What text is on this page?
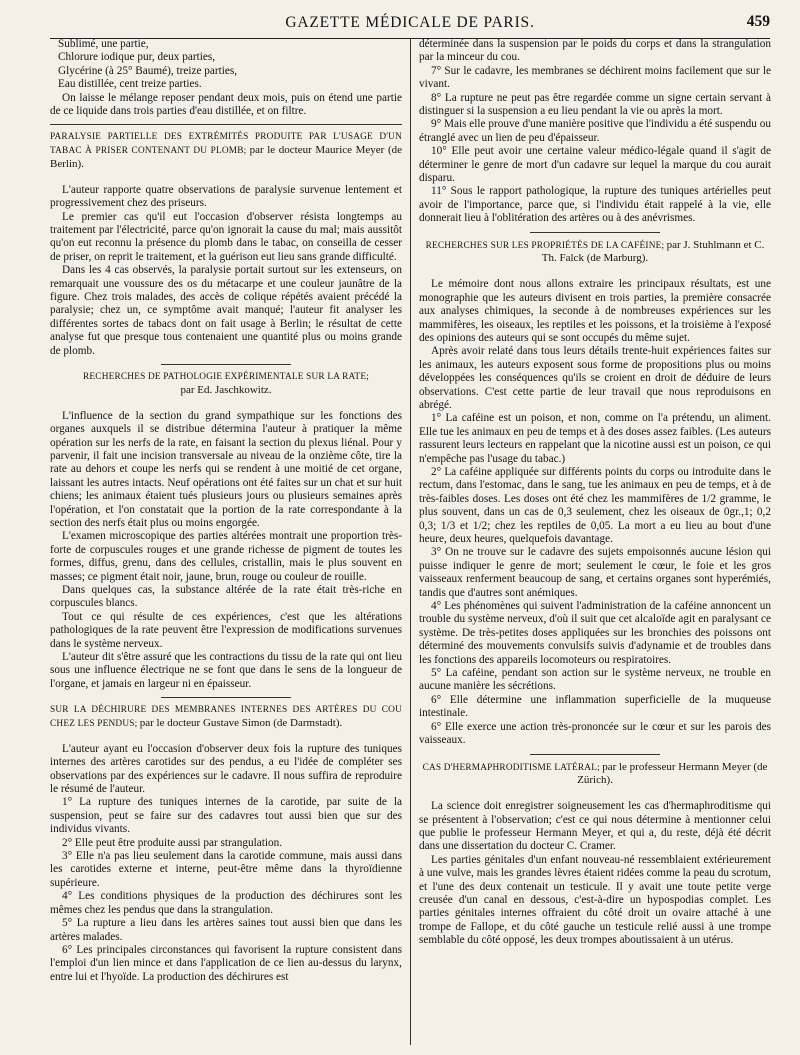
GAZETTE MÉDICALE DE PARIS.	459

Sublimé, une partie,

Chlorure iodique pur, deux parties,

Glycérine (à 25° Baumé), treize parties,

Eau distillée, cent treize parties.

On laisse le mélange reposer pendant deux mois, puis on étend une partie de ce liquide dans trois parties d'eau distillée, et on filtre.

PARALYSIE PARTIELLE DES EXTRÉMITÉS PRODUITE PAR L'USAGE D'UN TABAC À PRISER CONTENANT DU PLOMB; par le docteur Maurice Meyer (de Berlin).

L'auteur rapporte quatre observations de paralysie survenue lentement et progressivement chez des priseurs.

Le premier cas qu'il eut l'occasion d'observer résista longtemps au traitement par l'électricité, parce qu'on ignorait la cause du mal; mais aussitôt qu'on eut reconnu la présence du plomb dans le tabac, on conseilla de cesser de priser, on reprit le traitement, et la guérison eut lieu sans grande difficulté.

Dans les 4 cas observés, la paralysie portait surtout sur les extenseurs, on remarquait une voussure des os du métacarpe et une couleur jaunâtre de la figure. Chez trois malades, des accès de colique répétés avaient précédé la paralysie; chez un, ce symptôme avait manqué; l'auteur fit analyser les différentes sortes de tabacs dont on fait usage à Berlin; le résultat de cette analyse fut que presque tous contenaient une quantité plus ou moins grande de plomb.

RECHERCHES DE PATHOLOGIE EXPÉRIMENTALE SUR LA RATE;
par Ed. Jaschkowitz.

L'influence de la section du grand sympathique sur les fonctions des organes auxquels il se distribue détermina l'auteur à pratiquer la même opération sur les nerfs de la rate, en faisant la section du plexus liénal. Pour y parvenir, il fait une incision transversale au niveau de la onzième côte, tire la rate au dehors et coupe les nerfs qui se rendent à une moitié de cet organe, laissant les autres intacts. Neuf opérations ont été faites sur un chat et sur huit chiens; les animaux étaient tués plusieurs jours ou plusieurs semaines après l'opération, et l'on constatait que la portion de la rate correspondante à la section des nerfs était plus ou moins engorgée.

L'examen microscopique des parties altérées montrait une proportion très-forte de corpuscules rouges et une grande richesse de pigment de toutes les formes, diffus, grenu, dans des cellules, cristallin, mais le plus souvent en masses; ce pigment était noir, jaune, brun, rouge ou couleur de rouille.

Dans quelques cas, la substance altérée de la rate était très-riche en corpuscules blancs.

Tout ce qui résulte de ces expériences, c'est que les altérations pathologiques de la rate peuvent être l'expression de modifications survenues dans le système nerveux.

L'auteur dit s'être assuré que les contractions du tissu de la rate qui ont lieu sous une influence électrique ne se font que dans le sens de la longueur de l'organe, et jamais en largeur ni en épaisseur.

SUR LA DÉCHIRURE DES MEMBRANES INTERNES DES ARTÈRES DU COU CHEZ LES PENDUS; par le docteur Gustave Simon (de Darmstadt).

L'auteur ayant eu l'occasion d'observer deux fois la rupture des tuniques internes des artères carotides sur des pendus, a eu l'idée de compléter ses observations par des expériences sur le cadavre. Il nous suffira de reproduire le résumé de l'auteur.

1° La rupture des tuniques internes de la carotide, par suite de la suspension, peut se faire sur des cadavres tout aussi bien que sur des individus vivants.

2° Elle peut être produite aussi par strangulation.

3° Elle n'a pas lieu seulement dans la carotide commune, mais aussi dans les carotides externe et interne, peut-être même dans la thyroïdienne supérieure.

4° Les conditions physiques de la production des déchirures sont les mêmes chez les pendus que dans la strangulation.

5° La rupture a lieu dans les artères saines tout aussi bien que dans les artères malades.

6° Les principales circonstances qui favorisent la rupture consistent dans l'emploi d'un lien mince et dans l'application de ce lien au-dessus du larynx, entre lui et l'hyoïde. La production des déchirures est

déterminée dans la suspension par le poids du corps et dans la strangulation par la minceur du cou.

7° Sur le cadavre, les membranes se déchirent moins facilement que sur le vivant.

8° La rupture ne peut pas être regardée comme un signe certain servant à distinguer si la suspension a eu lieu pendant la vie ou après la mort.

9° Mais elle prouve d'une manière positive que l'individu a été suspendu ou étranglé avec un lien de peu d'épaisseur.

10° Elle peut avoir une certaine valeur médico-légale quand il s'agit de déterminer le genre de mort d'un cadavre sur lequel la marque du cou aurait disparu.

11° Sous le rapport pathologique, la rupture des tuniques artérielles peut avoir de l'importance, parce que, si l'individu était rappelé à la vie, elle donnerait lieu à l'oblitération des artères ou à des anévrismes.

RECHERCHES SUR LES PROPRIÉTÉS DE LA CAFÉINE; par J. Stuhlmann et C. Th. Falck (de Marburg).

Le mémoire dont nous allons extraire les principaux résultats, est une monographie que les auteurs divisent en trois parties, la première consacrée aux analyses chimiques, la seconde à de nombreuses expériences sur les mammifères, les oiseaux, les reptiles et les poissons, et la troisième à l'exposé des opinions des auteurs qui se sont occupés du même sujet.

Après avoir relaté dans tous leurs détails trente-huit expériences faites sur les animaux, les auteurs exposent sous forme de propositions plus ou moins développées les conséquences qu'ils se croient en droit de déduire de leurs observations. C'est cette partie de leur travail que nous reproduisons en abrégé.

1° La caféine est un poison, et non, comme on l'a prétendu, un aliment. Elle tue les animaux en peu de temps et à des doses assez faibles. (Les auteurs rassurent leurs lecteurs en rappelant que la nicotine aussi est un poison, ce qui n'empêche pas l'usage du tabac.)

2° La caféine appliquée sur différents points du corps ou introduite dans le rectum, dans l'estomac, dans le sang, tue les animaux en peu de temps, et à de très-faibles doses. Les doses ont été chez les mammifères de 1/2 gramme, le plus souvent, dans un cas de 0,3 seulement, chez les oiseaux de 0gr.,1; 0,2 0,3; 1/3 et 1/2; chez les reptiles de 0,05. La mort a eu lieu au bout d'une heure, deux heures, quelquefois davantage.

3° On ne trouve sur le cadavre des sujets empoisonnés aucune lésion qui puisse indiquer le genre de mort; seulement le cœur, le foie et les gros vaisseaux renferment beaucoup de sang, et certains organes sont hyperémiés, tandis que d'autres sont anémiques.

4° Les phénomènes qui suivent l'administration de la caféine annoncent un trouble du système nerveux, d'où il suit que cet alcaloïde agit en paralysant ce système. De très-petites doses appliquées sur les bronchies des poissons ont déterminé des mouvements convulsifs suivis d'adynamie et de troubles dans les fonctions des appareils locomoteurs ou respiratoires.

5° La caféine, pendant son action sur le système nerveux, ne trouble en aucune manière les sécrétions.

6° Elle détermine une inflammation superficielle de la muqueuse intestinale.

6° Elle exerce une action très-prononcée sur le cœur et sur les parois des vaisseaux.

CAS D'HERMAPHRODITISME LATÉRAL; par le professeur Hermann Meyer (de Zürich).

La science doit enregistrer soigneusement les cas d'hermaphroditisme qui se présentent à l'observation; c'est ce qui nous détermine à mentionner celui que publie le professeur Hermann Meyer, et qui a, du reste, déjà été décrit dans une dissertation du docteur C. Cramer.

Les parties génitales d'un enfant nouveau-né ressemblaient extérieurement à une vulve, mais les grandes lèvres étaient ridées comme la peau du scrotum, et l'une des deux contenait un testicule. Il y avait une toute petite verge creusée d'un canal en dessous, c'est-à-dire un hypospodias complet. Les parties génitales internes offraient du côté droit un ovaire attaché à une trompe de Fallope, et du côté gauche un testicule relié aussi à une trompe semblable du côté opposé, les deux trompes aboutissaient à un utérus.
